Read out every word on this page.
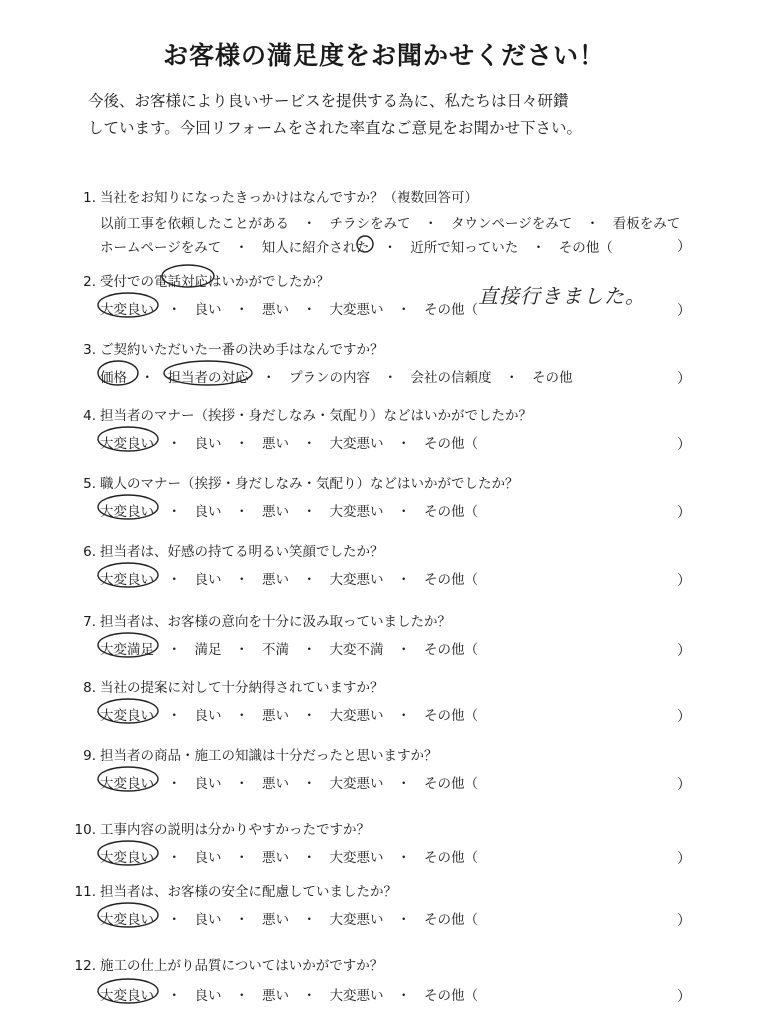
お客様の満足度をお聞かせください！
今後、お客様により良いサービスを提供する為に、私たちは日々研鑽
しています。今回リフォームをされた率直なご意見をお聞かせ下さい。
1. 当社をお知りになったきっかけはなんですか？（複数回答可）
以前工事を依頼したことがある　・　チラシをみて　・　タウンページをみて　・　看板をみて
ホームページをみて　・　知人に紹介された　・　近所で知っていた　・　その他（	）
2. 受付での電話対応はいかがでしたか？
大変良い　・　良い　・　悪い　・　大変悪い　・　その他（
直接行きました。
）
3. ご契約いただいた一番の決め手はなんですか？
価格　・　担当者の対応　・　プランの内容　・　会社の信頼度　・　その他	）
4. 担当者のマナー（挨拶・身だしなみ・気配り）などはいかがでしたか？
大変良い　・　良い　・　悪い　・　大変悪い　・　その他（	）
5. 職人のマナー（挨拶・身だしなみ・気配り）などはいかがでしたか？
大変良い　・　良い　・　悪い　・　大変悪い　・　その他（	）
6. 担当者は、好感の持てる明るい笑顔でしたか？
大変良い　・　良い　・　悪い　・　大変悪い　・　その他（	）
7. 担当者は、お客様の意向を十分に汲み取っていましたか？
大変満足　・　満足　・　不満　・　大変不満　・　その他（	）
8. 当社の提案に対して十分納得されていますか？
大変良い　・　良い　・　悪い　・　大変悪い　・　その他（	）
9. 担当者の商品・施工の知識は十分だったと思いますか？
大変良い　・　良い　・　悪い　・　大変悪い　・　その他（	）
10. 工事内容の説明は分かりやすかったですか？
大変良い　・　良い　・　悪い　・　大変悪い　・　その他（	）
11. 担当者は、お客様の安全に配慮していましたか？
大変良い　・　良い　・　悪い　・　大変悪い　・　その他（	）
12. 施工の仕上がり品質についてはいかがですか？
大変良い　・　良い　・　悪い　・　大変悪い　・　その他（	）
